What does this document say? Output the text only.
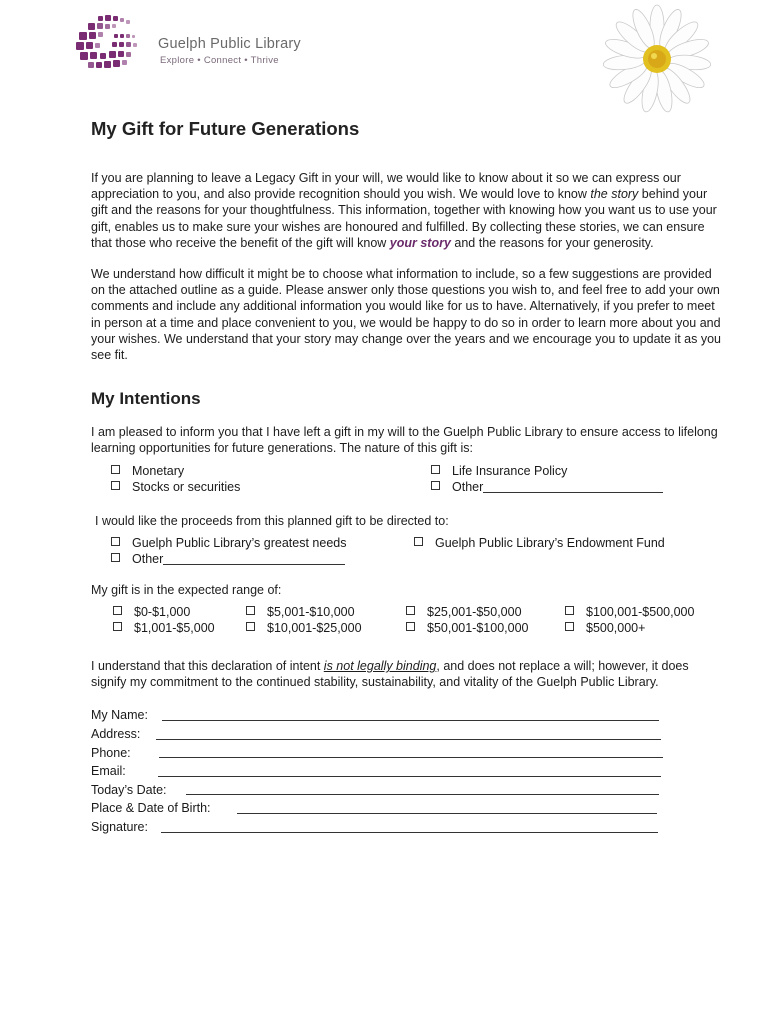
Guelph Public Library
Explore • Connect • Thrive
My Gift for Future Generations

If you are planning to leave a Legacy Gift in your will, we would like to know about it so we can express our appreciation to you, and also provide recognition should you wish. We would love to know the story behind your gift and the reasons for your thoughtfulness. This information, together with knowing how you want us to use your gift, enables us to make sure your wishes are honoured and fulfilled. By collecting these stories, we can ensure that those who receive the benefit of the gift will know your story and the reasons for your generosity.

We understand how difficult it might be to choose what information to include, so a few suggestions are provided on the attached outline as a guide. Please answer only those questions you wish to, and feel free to add your own comments and include any additional information you would like for us to have. Alternatively, if you prefer to meet in person at a time and place convenient to you, we would be happy to do so in order to learn more about you and your wishes. We understand that your story may change over the years and we encourage you to update it as you see fit.

My Intentions

I am pleased to inform you that I have left a gift in my will to the Guelph Public Library to ensure access to lifelong learning opportunities for future generations. The nature of this gift is:

Monetary	Life Insurance Policy
Stocks or securities	Other

I would like the proceeds from this planned gift to be directed to:

Guelph Public Library’s greatest needs	Guelph Public Library’s Endowment Fund
Other

My gift is in the expected range of:

$0-$1,000	$5,001-$10,000	$25,001-$50,000	$100,001-$500,000
$1,001-$5,000	$10,001-$25,000	$50,001-$100,000	$500,000+

I understand that this declaration of intent is not legally binding, and does not replace a will; however, it does signify my commitment to the continued stability, sustainability, and vitality of the Guelph Public Library.

My Name:
Address:
Phone:
Email:
Today’s Date:
Place & Date of Birth:
Signature:
